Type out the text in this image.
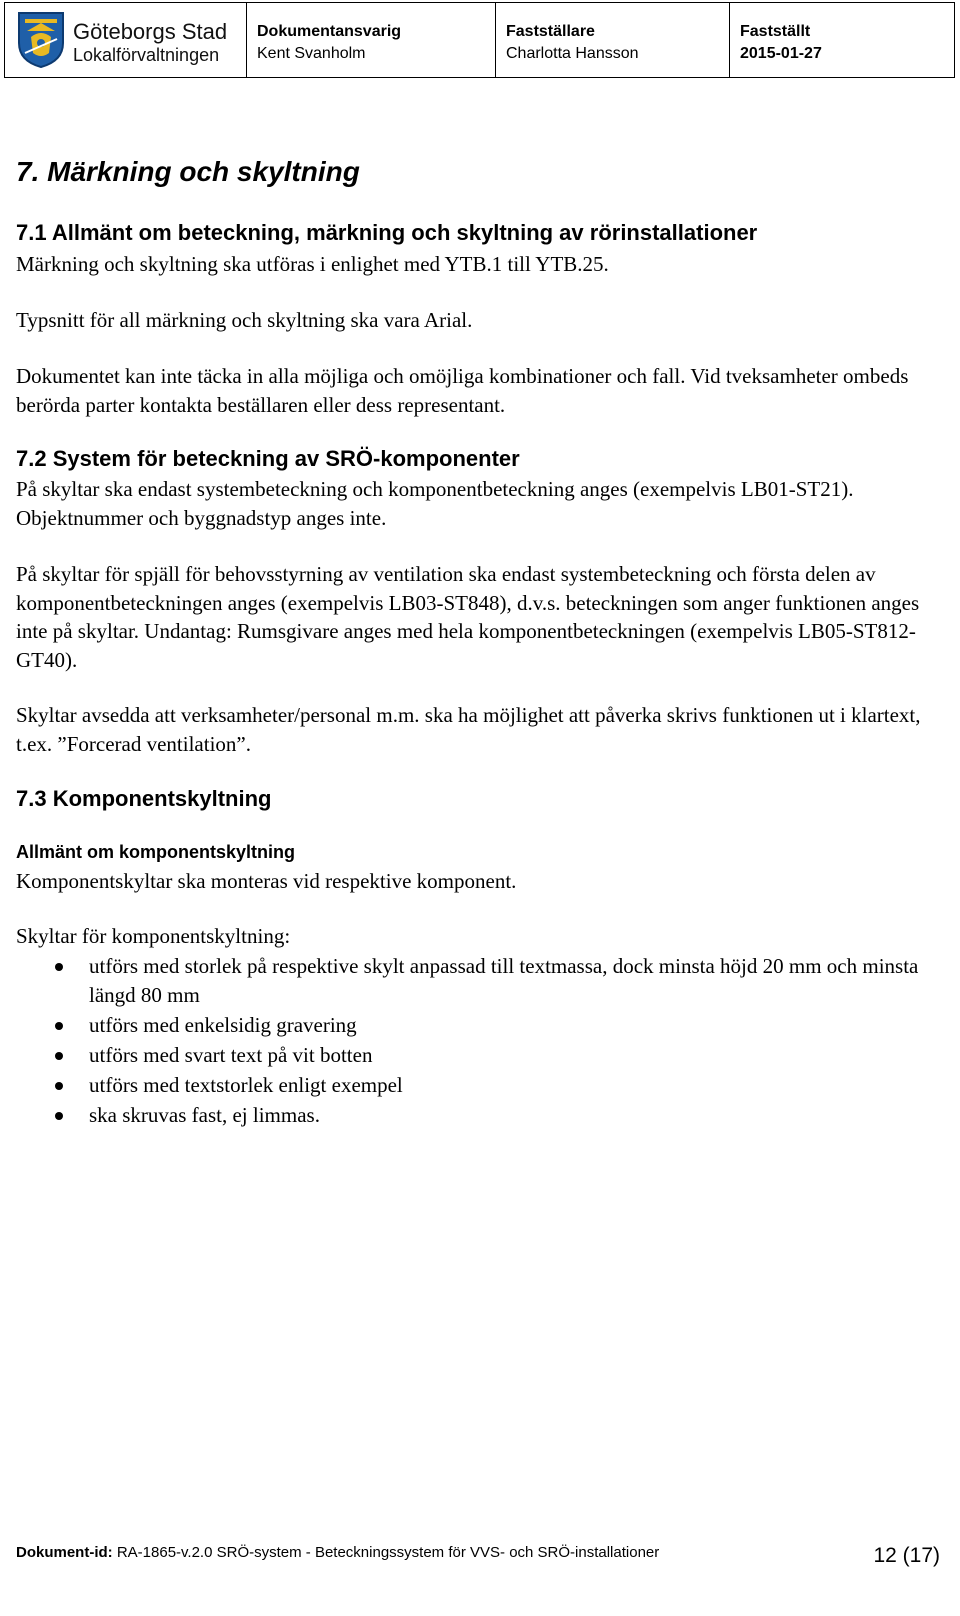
Göteborgs Stad
Lokalförvaltningen
Dokumentansvarig
Kent Svanholm
Fastställare
Charlotta Hansson
Fastställt
2015-01-27
7. Märkning och skyltning
7.1 Allmänt om beteckning, märkning och skyltning av rörinstallationer

Märkning och skyltning ska utföras i enlighet med YTB.1 till YTB.25.

Typsnitt för all märkning och skyltning ska vara Arial.

Dokumentet kan inte täcka in alla möjliga och omöjliga kombinationer och fall. Vid tveksamheter ombeds berörda parter kontakta beställaren eller dess representant.

7.2 System för beteckning av SRÖ-komponenter

På skyltar ska endast systembeteckning och komponentbeteckning anges (exempelvis LB01-ST21). Objektnummer och byggnadstyp anges inte.

På skyltar för spjäll för behovsstyrning av ventilation ska endast systembeteckning och första delen av komponentbeteckningen anges (exempelvis LB03-ST848), d.v.s. beteckningen som anger funktionen anges inte på skyltar. Undantag: Rumsgivare anges med hela komponentbeteckningen (exempelvis LB05-ST812-GT40).

Skyltar avsedda att verksamheter/personal m.m. ska ha möjlighet att påverka skrivs funktionen ut i klartext, t.ex. ”Forcerad ventilation”.

7.3 Komponentskyltning
Allmänt om komponentskyltning

Komponentskyltar ska monteras vid respektive komponent.

Skyltar för komponentskyltning:

utförs med storlek på respektive skylt anpassad till textmassa, dock minsta höjd 20 mm och minsta längd 80 mm
utförs med enkelsidig gravering
utförs med svart text på vit botten
utförs med textstorlek enligt exempel
ska skruvas fast, ej limmas.
Dokument-id: RA-1865-v.2.0 SRÖ-system - Beteckningssystem för VVS- och SRÖ-installationer	12 (17)
